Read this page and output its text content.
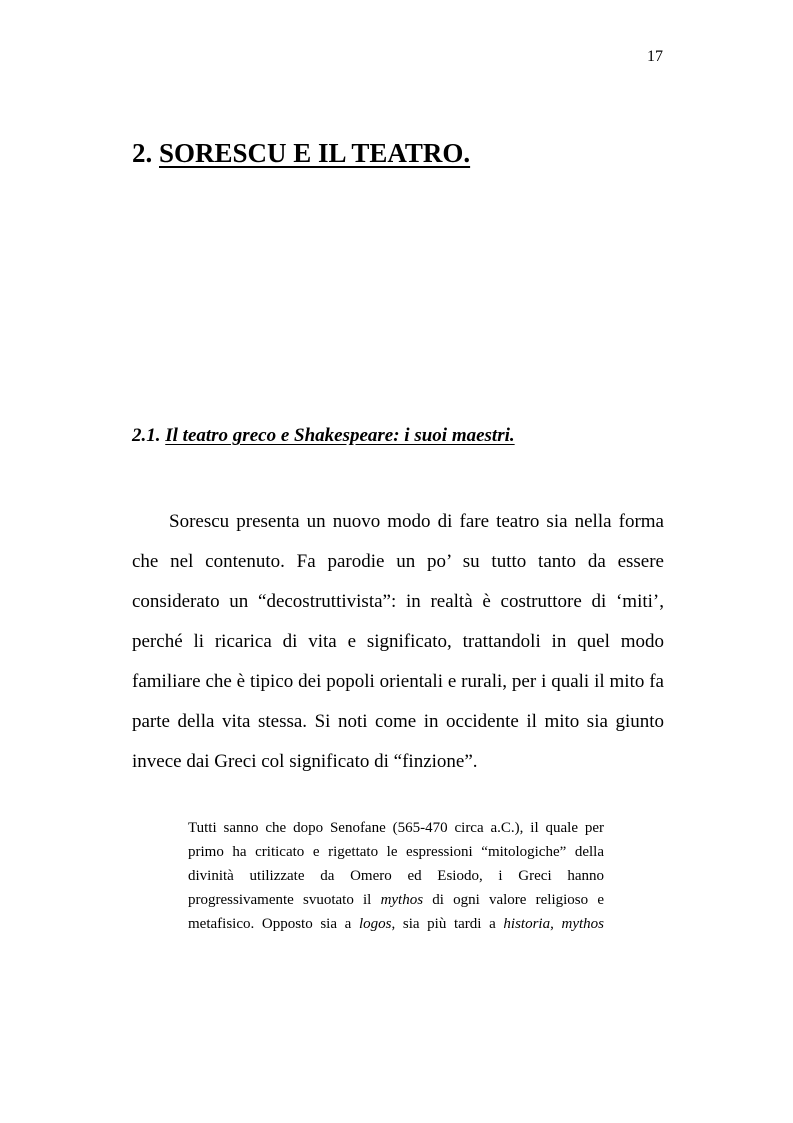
17
2. SORESCU E IL TEATRO.
2.1. Il teatro greco e Shakespeare: i suoi maestri.
Sorescu presenta un nuovo modo di fare teatro sia nella forma
che nel contenuto. Fa parodie un po’ su tutto tanto da essere
considerato un “decostruttivista”: in realtà è costruttore di ‘miti’,
perché li ricarica di vita e significato, trattandoli in quel modo
familiare che è tipico dei popoli orientali e rurali, per i quali il mito fa
parte della vita stessa. Si noti come in occidente il mito sia giunto
invece dai Greci col significato di “finzione”.
Tutti sanno che dopo Senofane (565-470 circa a.C.), il quale per
primo ha criticato e rigettato le espressioni “mitologiche” della
divinità utilizzate da Omero ed Esiodo, i Greci hanno
progressivamente svuotato il mythos di ogni valore religioso e
metafisico. Opposto sia a logos, sia più tardi a historia, mythos
